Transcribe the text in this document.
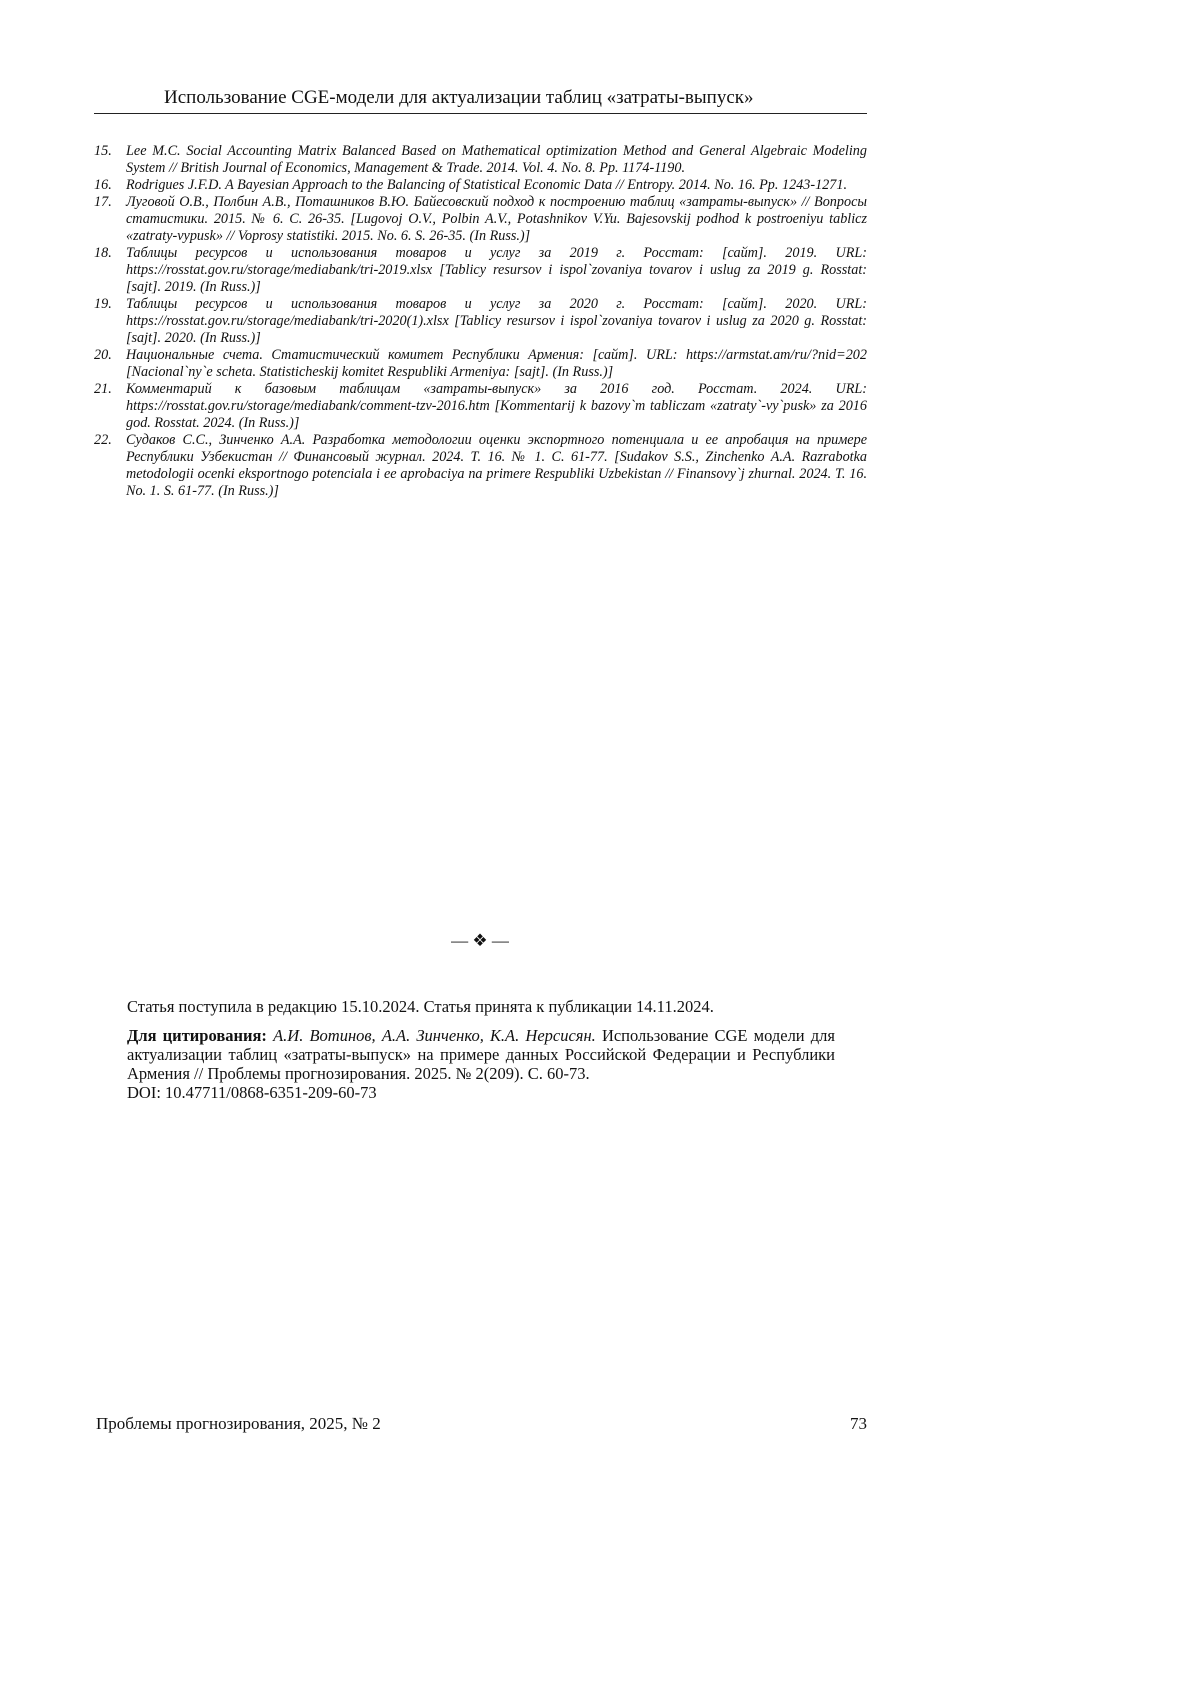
Использование CGE-модели для актуализации таблиц «затраты-выпуск»
15.	Lee M.C. Social Accounting Matrix Balanced Based on Mathematical optimization Method and General Algebraic Modeling System // British Journal of Economics, Management & Trade. 2014. Vol. 4. No. 8. Pp. 1174-1190.
16.	Rodrigues J.F.D. A Bayesian Approach to the Balancing of Statistical Economic Data // Entropy. 2014. No. 16. Pp. 1243-1271.
17.	Луговой О.В., Полбин А.В., Поташников В.Ю. Байесовский подход к построению таблиц «затраты-выпуск» // Вопросы статистики. 2015. № 6. С. 26-35. [Lugovoj O.V., Polbin A.V., Potashnikov V.Yu. Bajesovskij podhod k postroeniyu tablicz «zatraty-vypusk» // Voprosy statistiki. 2015. No. 6. S. 26-35. (In Russ.)]
18.	Таблицы ресурсов и использования товаров и услуг за 2019 г. Росстат: [сайт]. 2019. URL: https://rosstat.gov.ru/storage/mediabank/tri-2019.xlsx [Tablicy resursov i ispol`zovaniya tovarov i uslug za 2019 g. Rosstat: [sajt]. 2019. (In Russ.)]
19.	Таблицы ресурсов и использования товаров и услуг за 2020 г. Росстат: [сайт]. 2020. URL: https://rosstat.gov.ru/storage/mediabank/tri-2020(1).xlsx [Tablicy resursov i ispol`zovaniya tovarov i uslug za 2020 g. Rosstat: [sajt]. 2020. (In Russ.)]
20.	Национальные счета. Статистический комитет Республики Армения: [сайт]. URL: https://armstat.am/ru/?nid=202 [Nacional`ny`e scheta. Statisticheskij komitet Respubliki Armeniya: [sajt]. (In Russ.)]
21.	Комментарий к базовым таблицам «затраты-выпуск» за 2016 год. Росстат. 2024. URL: https://rosstat.gov.ru/storage/mediabank/comment-tzv-2016.htm [Kommentarij k bazovy`m tabliczam «zatraty`-vy`pusk» za 2016 god. Rosstat. 2024. (In Russ.)]
22.	Судаков С.С., Зинченко А.А. Разработка методологии оценки экспортного потенциала и ее апробация на примере Республики Узбекистан // Финансовый журнал. 2024. Т. 16. № 1. С. 61-77. [Sudakov S.S., Zinchenko A.A. Razrabotka metodologii ocenki eksportnogo potenciala i ee aprobaciya na primere Respubliki Uzbekistan // Finansovy`j zhurnal. 2024. T. 16. No. 1. S. 61-77. (In Russ.)]
— ❖ —

Статья поступила в редакцию 15.10.2024. Статья принята к публикации 14.11.2024.

Для цитирования: А.И. Вотинов, А.А. Зинченко, К.А. Нерсисян. Использование CGE модели для актуализации таблиц «затраты-выпуск» на примере данных Российской Федерации и Республики Армения // Проблемы прогнозирования. 2025. № 2(209). С. 60-73.
DOI: 10.47711/0868-6351-209-60-73

Проблемы прогнозирования, 2025, № 2	73
